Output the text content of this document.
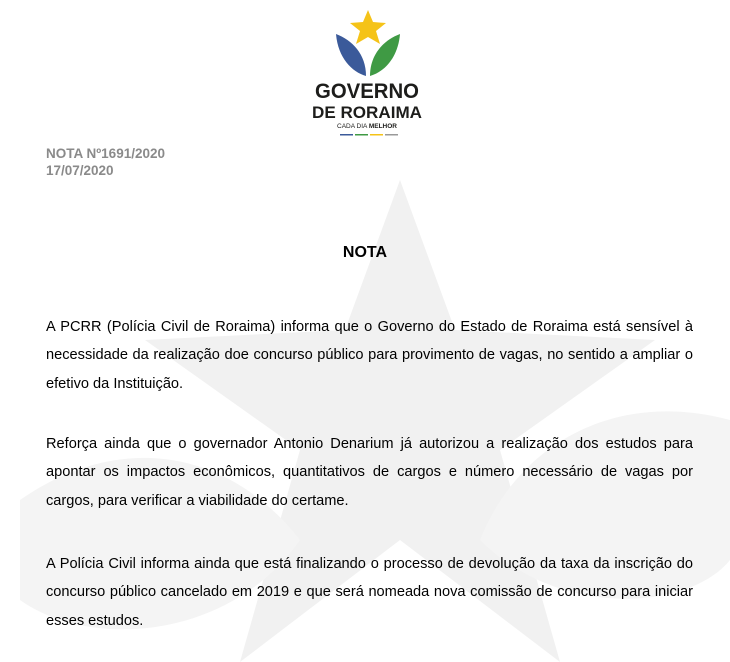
GOVERNO
DE RORAIMA
CADA DIA MELHOR
NOTA Nº1691/2020
17/07/2020
NOTA

A PCRR (Polícia Civil de Roraima) informa que o Governo do Estado de Roraima está sensível à necessidade da realização doe concurso público para provimento de vagas, no sentido a ampliar o efetivo da Instituição.

Reforça ainda que o governador Antonio Denarium já autorizou a realização dos estudos para apontar os impactos econômicos, quantitativos de cargos e número necessário de vagas por cargos, para verificar a viabilidade do certame.

A Polícia Civil informa ainda que está finalizando o processo de devolução da taxa da inscrição do concurso público cancelado em 2019 e que será nomeada nova comissão de concurso para iniciar esses estudos.
